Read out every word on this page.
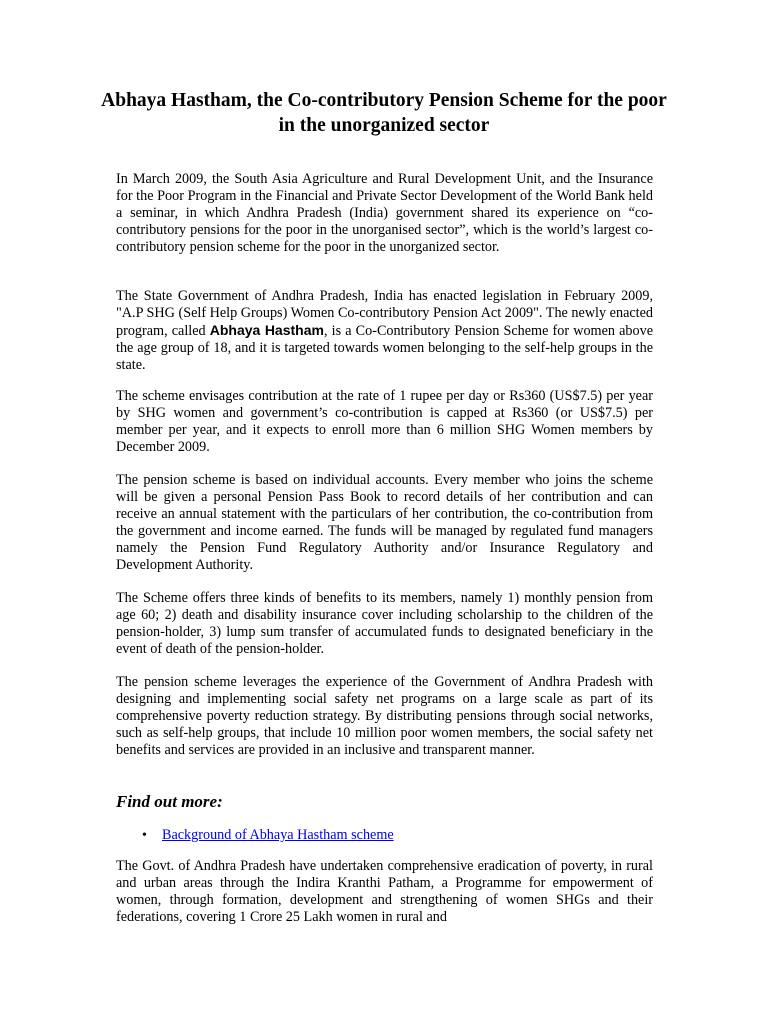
Abhaya Hastham, the Co-contributory Pension Scheme for the poor in the unorganized sector

In March 2009, the South Asia Agriculture and Rural Development Unit, and the Insurance for the Poor Program in the Financial and Private Sector Development of the World Bank held a seminar, in which Andhra Pradesh (India) government shared its experience on “co-contributory pensions for the poor in the unorganised sector”, which is the world’s largest co-contributory pension scheme for the poor in the unorganized sector.

The State Government of Andhra Pradesh, India has enacted legislation in February 2009, "A.P SHG (Self Help Groups) Women Co-contributory Pension Act 2009". The newly enacted program, called Abhaya Hastham, is a Co-Contributory Pension Scheme for women above the age group of 18, and it is targeted towards women belonging to the self-help groups in the state.

The scheme envisages contribution at the rate of 1 rupee per day or Rs360 (US$7.5) per year by SHG women and government’s co-contribution is capped at Rs360 (or US$7.5) per member per year, and it expects to enroll more than 6 million SHG Women members by December 2009.

The pension scheme is based on individual accounts. Every member who joins the scheme will be given a personal Pension Pass Book to record details of her contribution and can receive an annual statement with the particulars of her contribution, the co-contribution from the government and income earned. The funds will be managed by regulated fund managers namely the Pension Fund Regulatory Authority and/or Insurance Regulatory and Development Authority.

The Scheme offers three kinds of benefits to its members, namely 1) monthly pension from age 60; 2) death and disability insurance cover including scholarship to the children of the pension-holder, 3) lump sum transfer of accumulated funds to designated beneficiary in the event of death of the pension-holder.

The pension scheme leverages the experience of the Government of Andhra Pradesh with designing and implementing social safety net programs on a large scale as part of its comprehensive poverty reduction strategy. By distributing pensions through social networks, such as self-help groups, that include 10 million poor women members, the social safety net benefits and services are provided in an inclusive and transparent manner.

Find out more:
• Background of Abhaya Hastham scheme

The Govt. of Andhra Pradesh have undertaken comprehensive eradication of poverty, in rural and urban areas through the Indira Kranthi Patham, a Programme for empowerment of women, through formation, development and strengthening of women SHGs and their federations, covering 1 Crore 25 Lakh women in rural and
